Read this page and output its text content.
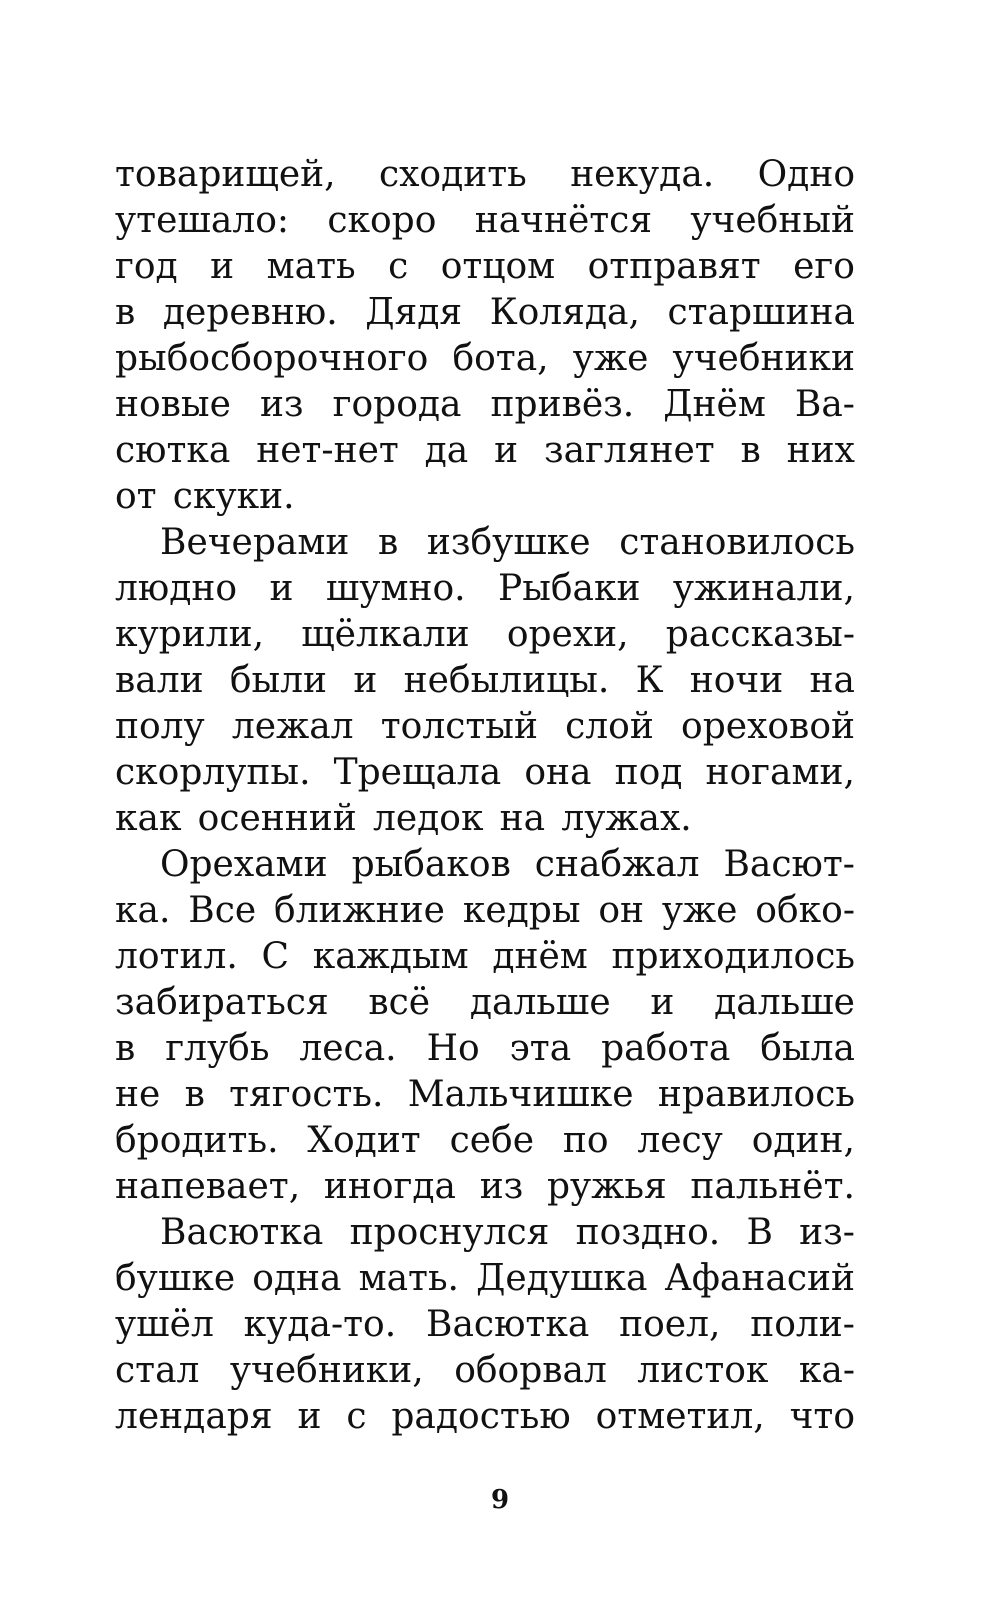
товарищей, сходить некуда. Одно
утешало: скоро начнётся учебный
год и мать с отцом отправят его
в деревню. Дядя Коляда, старшина
рыбосборочного бота, уже учебники
новые из города привёз. Днём Ва-
сютка нет-нет да и заглянет в них
от скуки.
Вечерами в избушке становилось
людно и шумно. Рыбаки ужинали,
курили, щёлкали орехи, рассказы-
вали были и небылицы. К ночи на
полу лежал толстый слой ореховой
скорлупы. Трещала она под ногами,
как осенний ледок на лужах.
Орехами рыбаков снабжал Васют-
ка. Все ближние кедры он уже обко-
лотил. С каждым днём приходилось
забираться всё дальше и дальше
в глубь леса. Но эта работа была
не в тягость. Мальчишке нравилось
бродить. Ходит себе по лесу один,
напевает, иногда из ружья пальнёт.
Васютка проснулся поздно. В из-
бушке одна мать. Дедушка Афанасий
ушёл куда-то. Васютка поел, поли-
стал учебники, оборвал листок ка-
лендаря и с радостью отметил, что
9
